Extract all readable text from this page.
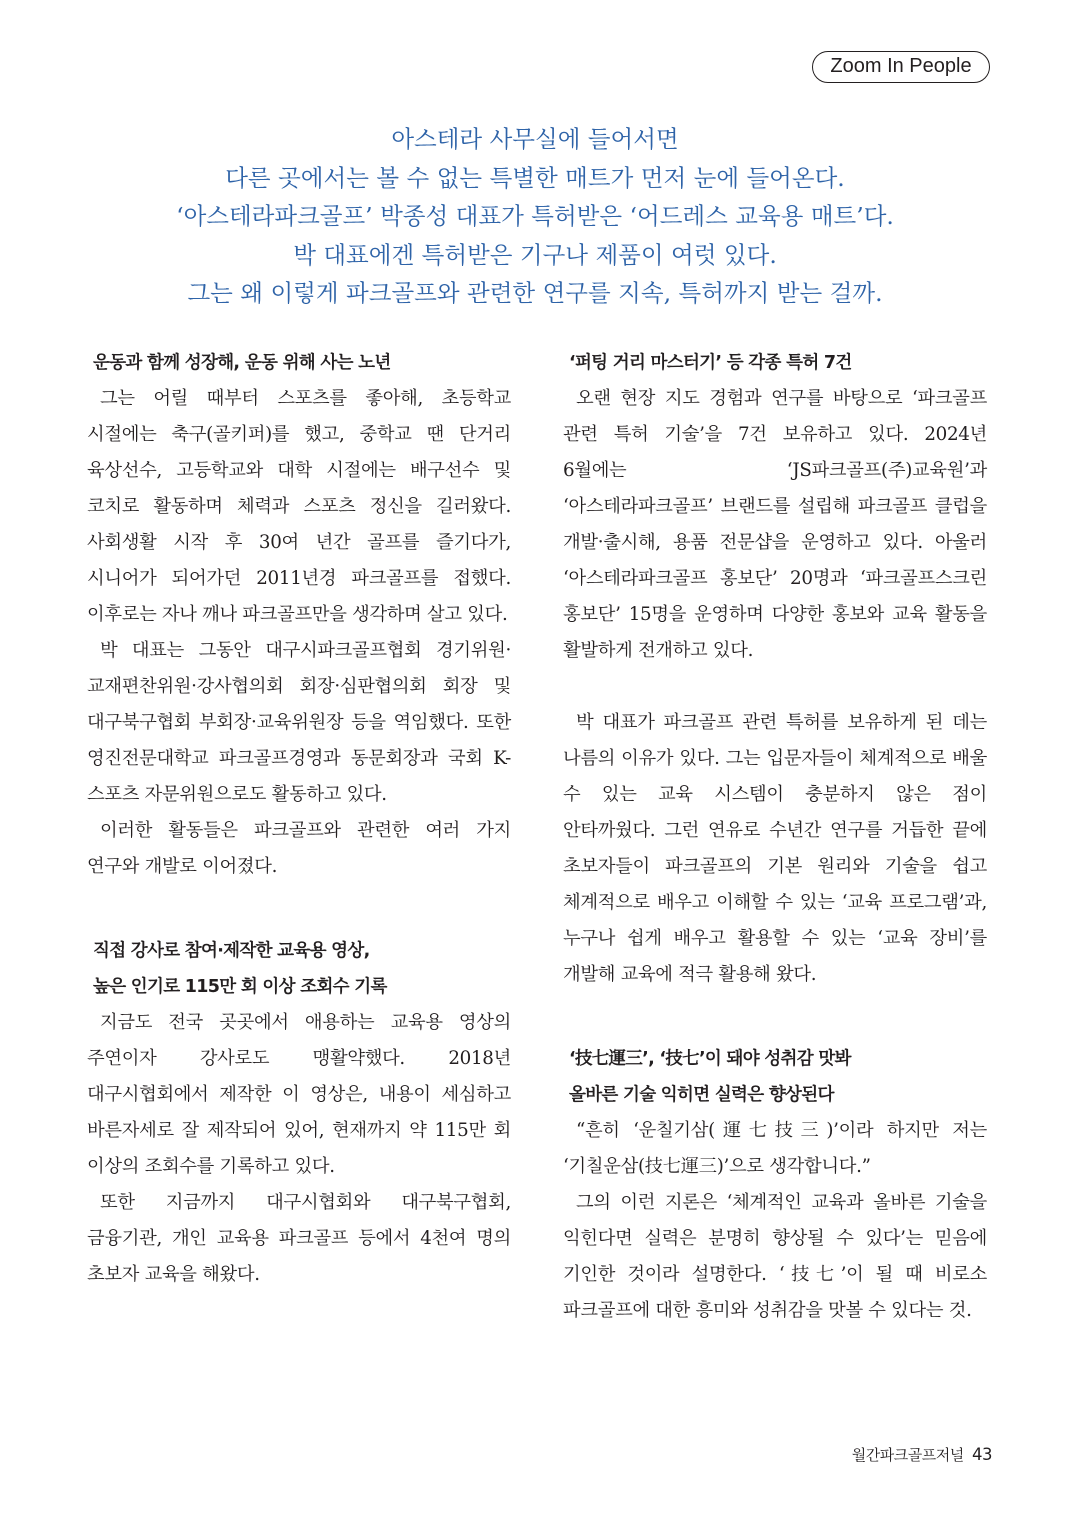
Zoom In People
아스테라 사무실에 들어서면
다른 곳에서는 볼 수 없는 특별한 매트가 먼저 눈에 들어온다.
‘아스테라파크골프’ 박종성 대표가 특허받은 ‘어드레스 교육용 매트’다.
박 대표에겐 특허받은 기구나 제품이 여럿 있다.
그는 왜 이렇게 파크골프와 관련한 연구를 지속, 특허까지 받는 걸까.
운동과 함께 성장해, 운동 위해 사는 노년
그는 어릴 때부터 스포츠를 좋아해, 초등학교 시절에는 축구(골키퍼)를 했고, 중학교 땐 단거리 육상선수, 고등학교와 대학 시절에는 배구선수 및 코치로 활동하며 체력과 스포츠 정신을 길러왔다. 사회생활 시작 후 30여 년간 골프를 즐기다가, 시니어가 되어가던 2011년경 파크골프를 접했다. 이후로는 자나 깨나 파크골프만을 생각하며 살고 있다.
박 대표는 그동안 대구시파크골프협회 경기위원·교재편찬위원·강사협의회 회장·심판협의회 회장 및 대구북구협회 부회장·교육위원장 등을 역임했다. 또한 영진전문대학교 파크골프경영과 동문회장과 국회 K-스포츠 자문위원으로도 활동하고 있다.
이러한 활동들은 파크골프와 관련한 여러 가지 연구와 개발로 이어졌다.
직접 강사로 참여·제작한 교육용 영상,
높은 인기로 115만 회 이상 조회수 기록
지금도 전국 곳곳에서 애용하는 교육용 영상의 주연이자 강사로도 맹활약했다. 2018년 대구시협회에서 제작한 이 영상은, 내용이 세심하고 바른자세로 잘 제작되어 있어, 현재까지 약 115만 회 이상의 조회수를 기록하고 있다.
또한 지금까지 대구시협회와 대구북구협회, 금융기관, 개인 교육용 파크골프 등에서 4천여 명의 초보자 교육을 해왔다.
‘퍼팅 거리 마스터기’ 등 각종 특허 7건
오랜 현장 지도 경험과 연구를 바탕으로 ‘파크골프 관련 특허 기술’을 7건 보유하고 있다. 2024년 6월에는 ‘JS파크골프(주)교육원’과 ‘아스테라파크골프’ 브랜드를 설립해 파크골프 클럽을 개발·출시해, 용품 전문샵을 운영하고 있다. 아울러 ‘아스테라파크골프 홍보단’ 20명과 ‘파크골프스크린 홍보단’ 15명을 운영하며 다양한 홍보와 교육 활동을 활발하게 전개하고 있다.
박 대표가 파크골프 관련 특허를 보유하게 된 데는 나름의 이유가 있다. 그는 입문자들이 체계적으로 배울 수 있는 교육 시스템이 충분하지 않은 점이 안타까웠다. 그런 연유로 수년간 연구를 거듭한 끝에 초보자들이 파크골프의 기본 원리와 기술을 쉽고 체계적으로 배우고 이해할 수 있는 ‘교육 프로그램’과, 누구나 쉽게 배우고 활용할 수 있는 ‘교육 장비’를 개발해 교육에 적극 활용해 왔다.
‘技七運三’, ‘技七’이 돼야 성취감 맛봐
올바른 기술 익히면 실력은 향상된다
“흔히 ‘운칠기삼(運七技三)’이라 하지만 저는 ‘기칠운삼(技七運三)’으로 생각합니다.”
그의 이런 지론은 ‘체계적인 교육과 올바른 기술을 익힌다면 실력은 분명히 향상될 수 있다’는 믿음에 기인한 것이라 설명한다. ‘技七’이 될 때 비로소 파크골프에 대한 흥미와 성취감을 맛볼 수 있다는 것.
월간파크골프저널 43
